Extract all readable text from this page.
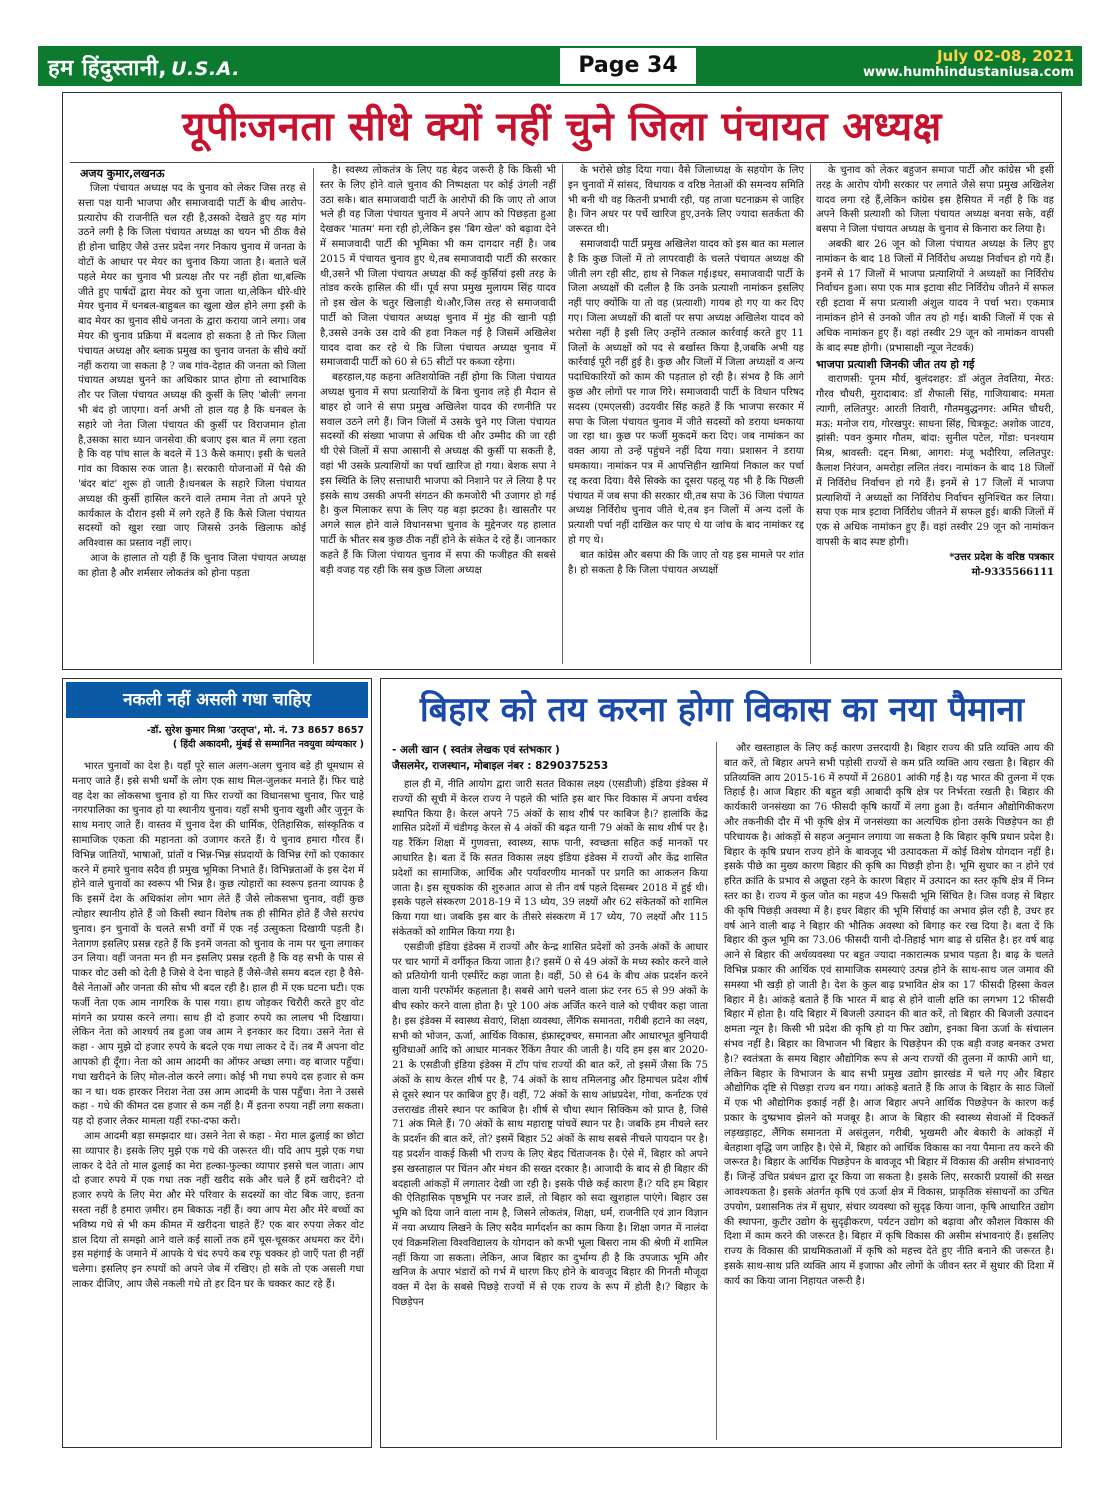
हम हिंदुस्तानी, U.S.A.	Page 34	July 02-08, 2021
www.humhindustaniusa.com
यूपीःजनता सीधे क्यों नहीं चुने जिला पंचायत अध्यक्ष
अजय कुमार,लखनऊ

जिला पंचायत अध्यक्ष पद के चुनाव को लेकर जिस तरह से सत्ता पक्ष यानी भाजपा और समाजवादी पार्टी के बीच आरोप-प्रत्यारोप की राजनीति चल रही है,उसको देखते हुए यह मांग उठने लगी है कि जिला पंचायत अध्यक्ष का चयन भी ठीक वैसे ही होना चाहिए जैसे उत्तर प्रदेश नगर निकाय चुनाव में जनता के वोटों के आधार पर मेयर का चुनाव किया जाता है। बताते चलें पहले मेयर का चुनाव भी प्रत्यक्ष तौर पर नहीं होता था,बल्कि जीते हुए पार्षदों द्वारा मेयर को चुना जाता था,लेकिन धीरे-धीरे मेयर चुनाव में धनबल-बाहुबल का खुला खेल होने लगा इसी के बाद मेयर का चुनाव सीधे जनता के द्वारा कराया जाने लगा। जब मेयर की चुनाव प्रक्रिया में बदलाव हो सकता है तो फिर जिला पंचायत अध्यक्ष और ब्लाक प्रमुख का चुनाव जनता के सीधे क्यों नहीं कराया जा सकता है ? जब गांव-देहात की जनता को जिला पंचायत अध्यक्ष चुनने का अधिकार प्राप्त होगा तो स्वाभाविक तौर पर जिला पंचायत अध्यक्ष की कुर्सी के लिए 'बोली' लगना भी बंद हो जाएगा। वर्ना अभी तो हाल यह है कि धनबल के सहारे जो नेता जिला पंचायत की कुर्सी पर विराजमान होता है,उसका सारा ध्यान जनसेवा की बजाए इस बात में लगा रहता है कि वह पांच साल के बदले में 13 कैसे कमाए। इसी के चलते गांव का विकास रुक जाता है। सरकारी योजनाओं में पैसे की 'बंदर बांट' शुरू हो जाती है।धनबल के सहारे जिला पंचायत अध्यक्ष की कुर्सी हासिल करने वाले तमाम नेता तो अपने पूरे कार्यकाल के दौरान इसी में लगे रहते हैं कि कैसे जिला पंचायत सदस्यों को खुश रखा जाए जिससे उनके खिलाफ कोई अविश्वास का प्रस्ताव नहीं लाए।

आज के हालात तो यही हैं कि चुनाव जिला पंचायत अध्यक्ष का होता है और शर्मसार लोकतंत्र को होना पड़ता

है। स्वस्थ्य लोकतंत्र के लिए यह बेहद जरूरी है कि किसी भी स्तर के लिए होने वाले चुनाव की निष्पक्षता पर कोई उंगली नहीं उठा सके। बात समाजवादी पार्टी के आरोपों की कि जाए तो आज भले ही वह जिला पंचायत चुनाव में अपने आप को पिछड़ता हुआ देखकर 'मातम' मना रही हो,लेकिन इस 'बिग खेल' को बढ़ावा देने में समाजवादी पार्टी की भूमिका भी कम दागदार नहीं है। जब 2015 में पंचायत चुनाव हुए थे,तब समाजवादी पार्टी की सरकार थी,उसने भी जिला पंचायत अध्यक्ष की कई कुर्सियां इसी तरह के तांडव करके हासिल की थीं। पूर्व सपा प्रमुख मुलायम सिंह यादव तो इस खेल के चतुर खिलाड़ी थे।और,जिस तरह से समाजवादी पार्टी को जिला पंचायत अध्यक्ष चुनाव में मुंह की खानी पड़ी है,उससे उनके उस दावे की हवा निकल गई है जिसमें अखिलेश यादव दावा कर रहे थे कि जिला पंचायत अध्यक्ष चुनाव में समाजवादी पार्टी को 60 से 65 सीटों पर कब्जा रहेगा।

बहरहाल,यह कहना अतिशयोक्ति नहीं होगा कि जिला पंचायत अध्यक्ष चुनाव में सपा प्रत्याशियों के बिना चुनाव लड़े ही मैदान से बाहर हो जाने से सपा प्रमुख अखिलेश यादव की रणनीति पर सवाल उठने लगे हैं। जिन जिलों में उसके चुने गए जिला पंचायत सदस्यों की संख्या भाजपा से अधिक थी और उम्मीद की जा रही थी ऐसे जिलों में सपा आसानी से अध्यक्ष की कुर्सी पा सकती है, वहां भी उसके प्रत्याशियों का पर्चा खारिज हो गया। बेशक सपा ने इस स्थिति के लिए सत्ताधारी भाजपा को निशाने पर ले लिया है पर इसके साथ उसकी अपनी संगठन की कमजोरी भी उजागर हो गई है। कुल मिलाकर सपा के लिए यह बड़ा झटका है। खासतौर पर अगले साल होने वाले विधानसभा चुनाव के मुद्देनजर यह हालात पार्टी के भीतर सब कुछ ठीक नहीं होने के संकेत दे रहे हैं। जानकार कहते हैं कि जिला पंचायत चुनाव में सपा की फजीहत की सबसे बड़ी वजह यह रही कि सब कुछ जिला अध्यक्ष

के भरोसे छोड़ दिया गया। वैसे जिलाध्यक्ष के सहयोग के लिए इन चुनावों में सांसद, विधायक व वरिष्ठ नेताओं की समन्वय समिति भी बनी थी वह कितनी प्रभावी रही, यह ताजा घटनाक्रम से जाहिर है। जिन अधर पर पर्चे खारिज हुए,उनके लिए ज्यादा सतर्कता की जरूरत थी।

समाजवादी पार्टी प्रमुख अखिलेश यादव को इस बात का मलाल है कि कुछ जिलों में तो लापरवाही के चलते पंचायत अध्यक्ष की जीती लग रही सीट, हाथ से निकल गई।इधर, समाजवादी पार्टी के जिला अध्यक्षों की दलील है कि उनके प्रत्याशी नामांकन इसलिए नहीं पाए क्योंकि या तो वह (प्रत्याशी) गायब हो गए या कर दिए गए। जिला अध्यक्षों की बातों पर सपा अध्यक्ष अखिलेश यादव को भरोसा नहीं है इसी लिए उन्होंने तत्काल कार्रवाई करते हुए 11 जिलों के अध्यक्षों को पद से बर्खास्त किया है,जबकि अभी यह कार्रवाई पूरी नहीं हुई है। कुछ और जिलों में जिला अध्यक्षों व अन्य पदाधिकारियों को काम की पड़ताल हो रही है। संभव है कि आगे कुछ और लोगों पर गाज गिरे। समाजवादी पार्टी के विधान परिषद सदस्य (एमएलसी) उदयवीर सिंह कहते हैं कि भाजपा सरकार में सपा के जिला पंचायत चुनाव में जीते सदस्यों को डराया धमकाया जा रहा था। कुछ पर फर्जी मुकदमें करा दिए। जब नामांकन का वक्त आया तो उन्हें पहुंचने नहीं दिया गया। प्रशासन ने डराया धमकाया। नामांकन पत्र में आपत्तिहीन खामियां निकाल कर पर्चा रद्द करवा दिया। वैसे सिक्के का दूसरा पहलू यह भी है कि पिछली पंचायत में जब सपा की सरकार थी,तब सपा के 36 जिला पंचायत अध्यक्ष निर्विरोध चुनाव जीते थे,तब इन जिलों में अन्य दलों के प्रत्याशी पर्चा नहीं दाखिल कर पाए थे या जांच के बाद नामांकर रद्द हो गए थे।

बात कांग्रेस और बसपा की कि जाए तो यह इस मामले पर शांत है। हो सकता है कि जिला पंचायत अध्यक्षों

के चुनाव को लेकर बहुजन समाज पार्टी और कांग्रेस भी इसी तरह के आरोप योगी सरकार पर लगाते जैसे सपा प्रमुख अखिलेश यादव लगा रहे हैं,लेकिन कांग्रेस इस हैसियत में नहीं है कि वह अपने किसी प्रत्याशी को जिला पंचायत अध्यक्ष बनवा सके, वहीं बसपा ने जिला पंचायत अध्यक्ष के चुनाव से किनारा कर लिया है।

अबकी बार 26 जून को जिला पंचायत अध्यक्ष के लिए हुए नामांकन के बाद 18 जिलों में निर्विरोध अध्यक्ष निर्वाचन हो गये हैं। इनमें से 17 जिलों में भाजपा प्रत्याशियों ने अध्यक्षों का निर्विरोध निर्वाचन हुआ। सपा एक मात्र इटावा सीट निर्विरोध जीतने में सफल रही इटावा में सपा प्रत्याशी अंशुल यादव ने पर्चा भरा। एकमात्र नामांकन होने से उनको जीत तय हो गई। बाकी जिलों में एक से अधिक नामांकन हुए हैं। वहां तस्वीर 29 जून को नामांकन वापसी के बाद स्पष्ट होगी। (प्रभासाक्षी न्यूज नेटवर्क)

भाजपा प्रत्याशी जिनकी जीत तय हो गई

वाराणसी: पूनम मौर्य, बुलंदशहर: डॉ अंतुल तेवतिया, मेरठ: गौरव चौधरी, मुरादाबाद: डॉ शैफाली सिंह, गाजियाबाद: ममता त्यागी, ललितपुर: आरती तिवारी, गौतमबुद्धनगर: अमित चौधरी, मऊ: मनोज राय, गोरखपुर: साधना सिंह, चित्रकूट: अशोक जाटव, झांसी: पवन कुमार गौतम, बांदा: सुनील पटेल, गोंडा: घनश्याम मिश्र, श्रावस्ती: दद्दन मिश्रा, आगरा: मंजू भदौरिया, ललितपुर: कैलाश निरंजन, अमरोहा ललित तंवर। नामांकन के बाद 18 जिलों में निर्विरोध निर्वाचन हो गये हैं। इनमें से 17 जिलों में भाजपा प्रत्याशियों ने अध्यक्षों का निर्विरोध निर्वाचन सुनिश्चित कर लिया। सपा एक मात्र इटावा निर्विरोध जीतने में सफल हुई। बाकी जिलों में एक से अधिक नामांकन हुए हैं। वहां तस्वीर 29 जून को नामांकन वापसी के बाद स्पष्ट होगी।

*उत्तर प्रदेश के वरिष्ठ पत्रकार

मो-9335566111

नकली नहीं असली गधा चाहिए
-डॉ. सुरेश कुमार मिश्रा 'उरतृप्त', मो. नं. 73 8657 8657
( हिंदी अकादमी, मुंबई से सम्मानित नवयुवा व्यंग्यकार )

भारत चुनावों का देश है। यहाँ पूरे साल अलग-अलग चुनाव बड़े ही धूमधाम से मनाए जाते हैं। इसे सभी धर्मों के लोग एक साथ मिल-जुलकर मनाते हैं। फिर चाहे वह देश का लोकसभा चुनाव हो या फिर राज्यों का विधानसभा चुनाव, फिर चाहे नगरपालिका का चुनाव हो या स्थानीय चुनाव। यहाँ सभी चुनाव खुशी और जुनून के साथ मनाए जाते हैं। वास्तव में चुनाव देश की धार्मिक, ऐतिहासिक, सांस्कृतिक व सामाजिक एकता की महानता को उजागर करते हैं। ये चुनाव हमारा गौरव हैं। विभिन्न जातियों, भाषाओं, प्रांतों व भिन्न-भिन्न संप्रदायों के विभिन्न रंगों को एकाकार करने में हमारे चुनाव सदैव ही प्रमुख भूमिका निभाते हैं। विभिन्नताओं के इस देश में होने वाले चुनावों का स्वरूप भी भिन्न है। कुछ त्योहारों का स्वरूप इतना व्यापक है कि इसमें देश के अधिकांश लोग भाग लेते हैं जैसे लोकसभा चुनाव, वहीं कुछ त्योहार स्थानीय होते हैं जो किसी स्थान विशेष तक ही सीमित होते हैं जैसे सरपंच चुनाव। इन चुनावों के चलते सभी वर्गों में एक नई उत्सुकता दिखायी पड़ती है। नेतागण इसलिए प्रसन्न रहते हैं कि इनमें जनता को चुनाव के नाम पर चूना लगाकर उन लिया। वहीं जनता मन ही मन इसलिए प्रसन्न रहती है कि वह सभी के पास से पाकर वोट उसी को देती है जिसे वे देना चाहते हैं जैसे-जैसे समय बदल रहा है वैसे-वैसे नेताओं और जनता की सोच भी बदल रही है। हाल ही में एक घटना घटी। एक फर्जी नेता एक आम नागरिक के पास गया। हाथ जोड़कर चिरौरी करते हुए वोट मांगने का प्रयास करने लगा। साथ ही दो हजार रुपये का लालच भी दिखाया। लेकिन नेता को आश्चर्य तब हुआ जब आम ने इनकार कर दिया। उसने नेता से कहा - आप मुझे दो हजार रुपये के बदले एक गधा लाकर दे दें। तब मैं अपना वोट आपको ही दूँगा। नेता को आम आदमी का ऑफर अच्छा लगा। वह बाजार पहुँचा। गधा खरीदने के लिए मोल-तोल करने लगा। कोई भी गधा रुपये दस हजार से कम का न था। थक हारकर निराश नेता उस आम आदमी के पास पहुँचा। नेता ने उससे कहा - गधे की कीमत दस हजार से कम नहीं है। मैं इतना रुपया नहीं लगा सकता। यह दो हजार लेकर मामला यहीं रफा-दफा करो।

आम आदमी बड़ा समझदार था। उसने नेता से कहा - मेरा माल ढुलाई का छोटा सा व्यापार है। इसके लिए मुझे एक गधे की जरूरत थी। यदि आप मुझे एक गधा लाकर दे देते तो माल ढुलाई का मेरा हल्का-फुल्का व्यापार इससे चल जाता। आप दो हजार रुपये में एक गधा तक नहीं खरीद सके और चले हैं हमें खरीदने? दो हजार रुपये के लिए मेरा और मेरे परिवार के सदस्यों का वोट बिक जाए, इतना सस्ता नहीं है हमारा ज़मीर। हम बिकाऊ नहीं हैं। क्या आप मेरा और मेरे बच्चों का भविष्य गधे से भी कम कीमत में खरीदना चाहते हैं? एक बार रुपया लेकर वोट डाल दिया तो समझो आने वाले कई सालों तक हमें चूस-चूसकर अधमरा कर देंगे। इस महंगाई के जमाने में आपके ये चंद रुपये कब रफू चक्कर हो जाएँ पता ही नहीं चलेगा। इसलिए इन रुपयों को अपने जेब में रखिए। हो सके तो एक असली गधा लाकर दीजिए, आप जैसे नकली गधे तो हर दिन घर के चक्कर काट रहे हैं।

बिहार को तय करना होगा विकास का नया पैमाना
- अली खान ( स्वतंत्र लेखक एवं स्तंभकार )
जैसलमेर, राजस्थान, मोबाइल नंबर : 8290375253

हाल ही में, नीति आयोग द्वारा जारी सतत विकास लक्ष्य (एसडीजी) इंडिया इंडेक्स में राज्यों की सूची में केरल राज्य ने पहले की भांति इस बार फिर विकास में अपना वर्चस्व स्थापित किया है। केरल अपने 75 अंकों के साथ शीर्ष पर काबिज है।? हालांकि केंद्र शासित प्रदेशों में चंडीगढ़ केरल से 4 अंकों की बढ़त यानी 79 अंकों के साथ शीर्ष पर है। यह रैंकिंग शिक्षा में गुणवत्ता, स्वास्थ्य, साफ पानी, स्वच्छता सहित कई मानकों पर आधारित है। बता दें कि सतत विकास लक्ष्य इंडिया इंडेक्स में राज्यों और केंद्र शासित प्रदेशों का सामाजिक, आर्थिक और पर्यावरणीय मानकों पर प्रगति का आकलन किया जाता है। इस सूचकांक की शुरुआत आज से तीन वर्ष पहले दिसम्बर 2018 में हुई थी। इसके पहले संस्करण 2018-19 में 13 ध्येय, 39 लक्ष्यों और 62 संकेतकों को शामिल किया गया था। जबकि इस बार के तीसरे संस्करण में 17 ध्येय, 70 लक्ष्यों और 115 संकेतकों को शामिल किया गया है।

एसडीजी इंडिया इंडेक्स में राज्यों और केन्द्र शासित प्रदेशों को उनके अंकों के आधार पर चार भागों में वर्गीकृत किया जाता है।? इसमें 0 से 49 अंकों के मध्य स्कोर करने वाले को प्रतियोगी यानी एस्पीरेंट कहा जाता है। वहीं, 50 से 64 के बीच अंक प्रदर्शन करने वाला यानी परफॉर्मर कहलाता है। सबसे आगे चलने वाला फ्रंट रनर 65 से 99 अंकों के बीच स्कोर करने वाला होता है। पूरे 100 अंक अर्जित करने वाले को एचीवर कहा जाता है। इस इंडेक्स में स्वास्थ्य सेवाएं, शिक्षा व्यवस्था, लैंगिक समानता, गरीबी हटाने का लक्ष्य, सभी को भोजन, ऊर्जा, आर्थिक विकास, इंफ्रास्ट्रक्चर, समानता और आधारभूत बुनियादी सुविधाओं आदि को आधार मानकर रैंकिंग तैयार की जाती है। यदि हम इस बार 2020-21 के एसडीजी इंडिया इंडेक्स में टॉप पांच राज्यों की बात करें, तो इसमें जैसा कि 75 अंकों के साथ केरल शीर्ष पर है, 74 अंकों के साथ तमिलनाडु और हिमाचल प्रदेश शीर्ष से दूसरे स्थान पर काबिज हुए हैं। वहीं, 72 अंकों के साथ आंध्रप्रदेश, गोवा, कर्नाटक एवं उत्तराखंड तीसरे स्थान पर काबिज है। शीर्ष से चौथा स्थान सिक्किम को प्राप्त है, जिसे 71 अंक मिले हैं। 70 अंकों के साथ महाराष्ट्र पांचवें स्थान पर है। जबकि हम नीचले स्तर के प्रदर्शन की बात करें, तो? इसमें बिहार 52 अंकों के साथ सबसे नीचले पायदान पर है। यह प्रदर्शन वाकई किसी भी राज्य के लिए बेहद चिंताजनक है। ऐसे में, बिहार को अपने इस खस्ताहाल पर चिंतन और मंथन की सख्त दरकार है। आजादी के बाद से ही बिहार की बदहाली आंकड़ों में लगातार देखी जा रही है। इसके पीछे कई कारण हैं।? यदि हम बिहार की ऐतिहासिक पृष्ठभूमि पर नजर डालें, तो बिहार को सदा खुशहाल पाएंगे। बिहार उस भूमि को दिया जाने वाला नाम है, जिसने लोकतंत्र, शिक्षा, धर्म, राजनीति एवं ज्ञान विज्ञान में नया अध्याय लिखने के लिए सदैव मार्गदर्शन का काम किया है। शिक्षा जगत में नालंदा एवं विक्रमशिला विश्वविद्यालय के योगदान को कभी भूला बिसरा नाम की श्रेणी में शामिल नहीं किया जा सकता। लेकिन, आज बिहार का दुर्भाग्य ही है कि उपजाऊ भूमि और खनिज के अपार भंडारों को गर्भ में धारण किए होने के बावजूद बिहार की गिनती मौजूदा वक्त में देश के सबसे पिछड़े राज्यों में से एक राज्य के रूप में होती है।? बिहार के पिछड़ेपन

और खस्ताहाल के लिए कई कारण उत्तरदायी है। बिहार राज्य की प्रति व्यक्ति आय की बात करें, तो बिहार अपने सभी पड़ोसी राज्यों से कम प्रति व्यक्ति आय रखता है। बिहार की प्रतिव्यक्ति आय 2015-16 में रुपयों में 26801 आंकी गई है। यह भारत की तुलना में एक तिहाई है। आज बिहार की बहुत बड़ी आबादी कृषि क्षेत्र पर निर्भरता रखती है। बिहार की कार्यकारी जनसंख्या का 76 फीसदी कृषि कार्यों में लगा हुआ है। वर्तमान औद्योगिकीकरण और तकनीकी दौर में भी कृषि क्षेत्र में जनसंख्या का अत्यधिक होना उसके पिछड़ेपन का ही परिचायक है। आंकड़ों से सहज अनुमान लगाया जा सकता है कि बिहार कृषि प्रधान प्रदेश है। बिहार के कृषि प्रधान राज्य होने के बावजूद भी उत्पादकता में कोई विशेष योगदान नहीं है। इसके पीछे का मुख्य कारण बिहार की कृषि का पिछड़ी होना है। भूमि सुधार का न होने एवं हरित क्रांति के प्रभाव से अछूता रहने के कारण बिहार में उत्पादन का स्तर कृषि क्षेत्र में निम्न स्तर का है। राज्य में कुल जोत का महज 49 फिसदी भूमि सिंचित है। जिस वजह से बिहार की कृषि पिछड़ी अवस्था में है। इधर बिहार की भूमि सिंचाई का अभाव झेल रही है, उधर हर वर्ष आने वाली बाढ़ ने बिहार की भौतिक अवस्था को बिगाड़ कर रख दिया है। बता दें कि बिहार की कुल भूमि का 73.06 फीसदी यानी दो-तिहाई भाग बाढ़ से ग्रसित है। हर वर्ष बाढ़ आने से बिहार की अर्थव्यवस्था पर बहुत ज्यादा नकारात्मक प्रभाव पड़ता है। बाढ़ के चलते विभिन्न प्रकार की आर्थिक एवं सामाजिक समस्याएं उत्पन्न होने के साथ-साथ जल जमाव की समस्या भी खड़ी हो जाती है। देश के कुल बाढ़ प्रभावित क्षेत्र का 17 फीसदी हिस्सा केवल बिहार में है। आंकड़े बताते हैं कि भारत में बाढ़ से होने वाली क्षति का लगभग 12 फीसदी बिहार में होता है। यदि बिहार में बिजली उत्पादन की बात करें, तो बिहार की बिजली उत्पादन क्षमता न्यून है। किसी भी प्रदेश की कृषि हो या फिर उद्योग, इनका बिना ऊर्जा के संचालन संभव नहीं है। बिहार का विभाजन भी बिहार के पिछड़ेपन की एक बड़ी वजह बनकर उभरा है।? स्वतंत्रता के समय बिहार औद्योगिक रूप से अन्य राज्यों की तुलना में काफी आगे था, लेकिन बिहार के विभाजन के बाद सभी प्रमुख उद्योग झारखंड में चले गए और बिहार औद्योगिक दृष्टि से पिछड़ा राज्य बन गया। आंकड़े बताते हैं कि आज के बिहार के साठ जिलों में एक भी औद्योगिक इकाई नहीं है। आज बिहार अपने आर्थिक पिछड़ेपन के कारण कई प्रकार के दुष्प्रभाव झेलने को मजबूर है। आज के बिहार की स्वास्थ्य सेवाओं में दिक्कतें लड़खड़ाहट, लैंगिक समानता में असंतुलन, गरीबी, भुखमरी और बेकारी के आंकड़ों में बेतहाशा वृद्धि जग जाहिर है। ऐसे में, बिहार को आर्थिक विकास का नया पैमाना तय करने की जरूरत है। बिहार के आर्थिक पिछड़ेपन के बावजूद भी बिहार में विकास की असीम संभावनाएं हैं। जिन्हें उचित प्रबंधन द्वारा दूर किया जा सकता है। इसके लिए, सरकारी प्रयासों की सख्त आवश्यकता है। इसके अंतर्गत कृषि एवं ऊर्जा क्षेत्र में विकास, प्राकृतिक संसाधनों का उचित उपयोग, प्रशासनिक तंत्र में सुधार, संचार व्यवस्था को सुदृढ़ किया जाना, कृषि आधारित उद्योग की स्थापना, कुटीर उद्योग के सुदृढ़ीकरण, पर्यटन उद्योग को बढ़ावा और कौशल विकास की दिशा में काम करने की जरूरत है। बिहार में कृषि विकास की असीम संभावनाएं हैं। इसलिए राज्य के विकास की प्राथमिकताओं में कृषि को महत्त्व देते हुए नीति बनाने की जरूरत है। इसके साथ-साथ प्रति व्यक्ति आय में इजाफा और लोगों के जीवन स्तर में सुधार की दिशा में कार्य का किया जाना निहायत जरूरी है।
